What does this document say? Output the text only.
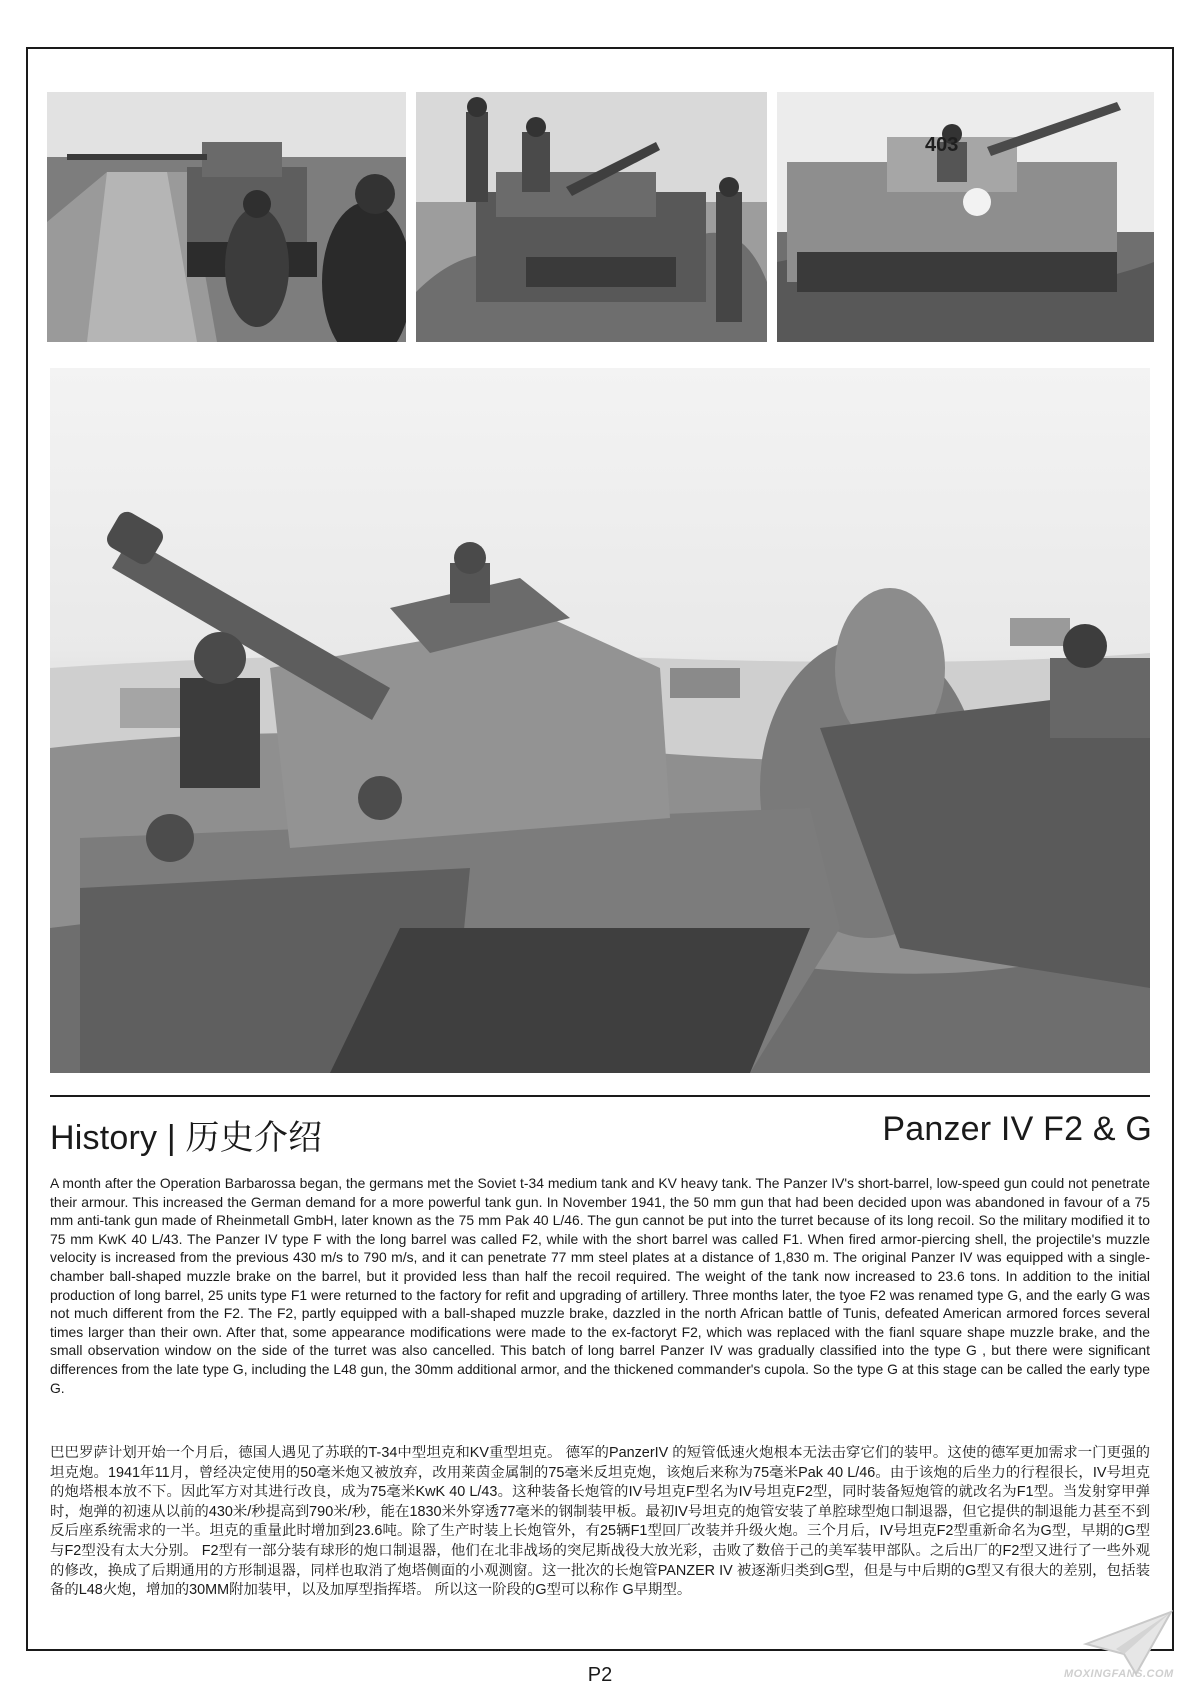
403
History | 历史介绍	Panzer IV F2 & G

A month after the Operation Barbarossa began, the germans met the Soviet t-34 medium tank and KV heavy tank. The Panzer IV's short-barrel, low-speed gun could not penetrate their armour. This increased the German demand for a more powerful tank gun. In November 1941, the 50 mm gun that had been decided upon was abandoned in favour of a 75 mm anti-tank gun made of Rheinmetall GmbH, later known as the 75 mm Pak 40 L/46. The gun cannot be put into the turret because of its long recoil. So the military modified it to 75 mm KwK 40 L/43. The Panzer IV type F with the long barrel was called F2, while with the short barrel was called F1. When fired armor-piercing shell, the projectile's muzzle velocity is increased from the previous 430 m/s to 790 m/s, and it can penetrate 77 mm steel plates at a distance of 1,830 m. The original Panzer IV was equipped with a single-chamber ball-shaped muzzle brake on the barrel, but it provided less than half the recoil required. The weight of the tank now increased to 23.6 tons. In addition to the initial production of long barrel, 25 units type F1 were returned to the factory for refit and upgrading of artillery. Three months later, the tyoe F2 was renamed type G, and the early G was not much different from the F2. The F2, partly equipped with a ball-shaped muzzle brake, dazzled in the north African battle of Tunis, defeated American armored forces several times larger than their own. After that, some appearance modifications were made to the ex-factoryt F2, which was replaced with the fianl square shape muzzle brake, and the small observation window on the side of the turret was also cancelled. This batch of long barrel Panzer IV was gradually classified into the type G , but there were significant differences from the late type G, including the L48 gun, the 30mm additional armor, and the thickened commander's cupola. So the type G at this stage can be called the early type G.

巴巴罗萨计划开始一个月后，德国人遇见了苏联的T-34中型坦克和KV重型坦克。 德军的PanzerIV 的短管低速火炮根本无法击穿它们的装甲。这使的德军更加需求一门更强的坦克炮。1941年11月，曾经决定使用的50毫米炮又被放弃，改用莱茵金属制的75毫米反坦克炮，该炮后来称为75毫米Pak 40 L/46。由于该炮的后坐力的行程很长，IV号坦克的炮塔根本放不下。因此军方对其进行改良，成为75毫米KwK 40 L/43。这种装备长炮管的IV号坦克F型名为IV号坦克F2型，同时装备短炮管的就改名为F1型。当发射穿甲弹时，炮弹的初速从以前的430米/秒提高到790米/秒，能在1830米外穿透77毫米的钢制装甲板。最初IV号坦克的炮管安装了单腔球型炮口制退器，但它提供的制退能力甚至不到反后座系统需求的一半。坦克的重量此时增加到23.6吨。除了生产时装上长炮管外，有25辆F1型回厂改装并升级火炮。三个月后，IV号坦克F2型重新命名为G型，早期的G型与F2型没有太大分别。 F2型有一部分装有球形的炮口制退器，他们在北非战场的突尼斯战役大放光彩，击败了数倍于己的美军装甲部队。之后出厂的F2型又进行了一些外观的修改，换成了后期通用的方形制退器，同样也取消了炮塔侧面的小观测窗。这一批次的长炮管PANZER IV 被逐渐归类到G型，但是与中后期的G型又有很大的差别，包括装备的L48火炮，增加的30MM附加装甲，以及加厚型指挥塔。 所以这一阶段的G型可以称作 G早期型。

P2	MOXINGFANS.COM
